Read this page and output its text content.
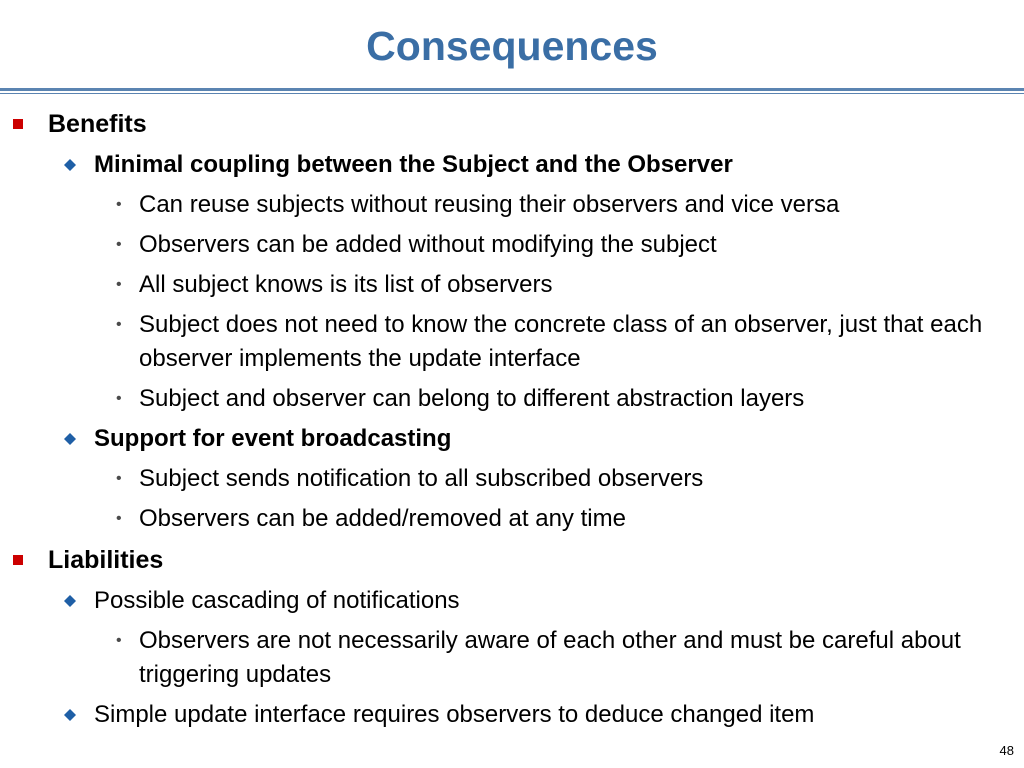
Consequences
Benefits
Minimal coupling between the Subject and the Observer
• Can reuse subjects without reusing their observers and vice versa
• Observers can be added without modifying the subject
• All subject knows is its list of observers
• Subject does not need to know the concrete class of an observer, just that each observer implements the update interface
• Subject and observer can belong to different abstraction layers
Support for event broadcasting
• Subject sends notification to all subscribed observers
• Observers can be added/removed at any time
Liabilities
Possible cascading of notifications
• Observers are not necessarily aware of each other and must be careful about triggering updates
Simple update interface requires observers to deduce changed item
48
